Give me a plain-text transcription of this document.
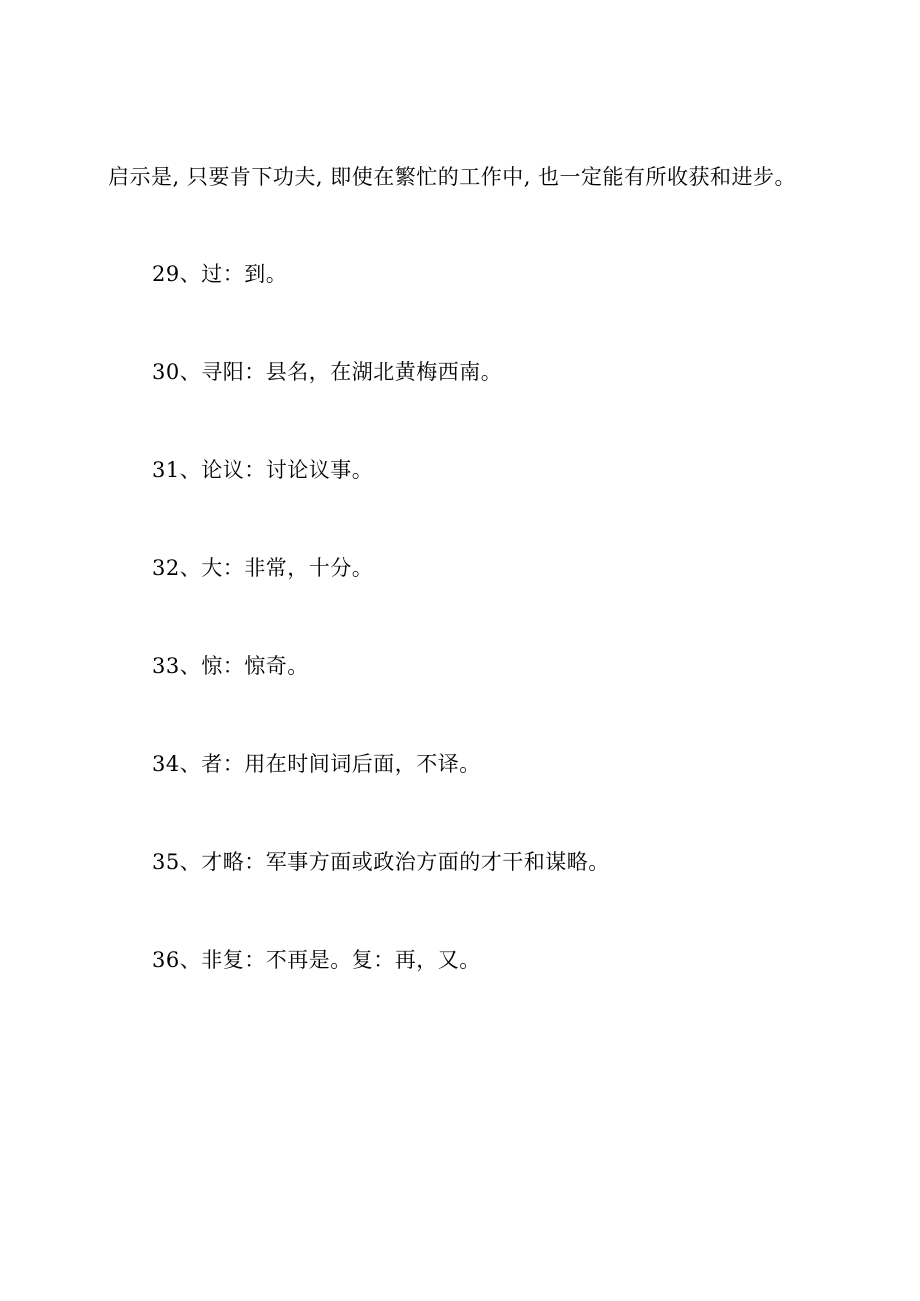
启示是, 只要肯下功夫, 即使在繁忙的工作中, 也一定能有所收获和进步。
29、过：到。
30、寻阳：县名，在湖北黄梅西南。
31、论议：讨论议事。
32、大：非常，十分。
33、惊：惊奇。
34、者：用在时间词后面，不译。
35、才略：军事方面或政治方面的才干和谋略。
36、非复：不再是。复：再，又。
